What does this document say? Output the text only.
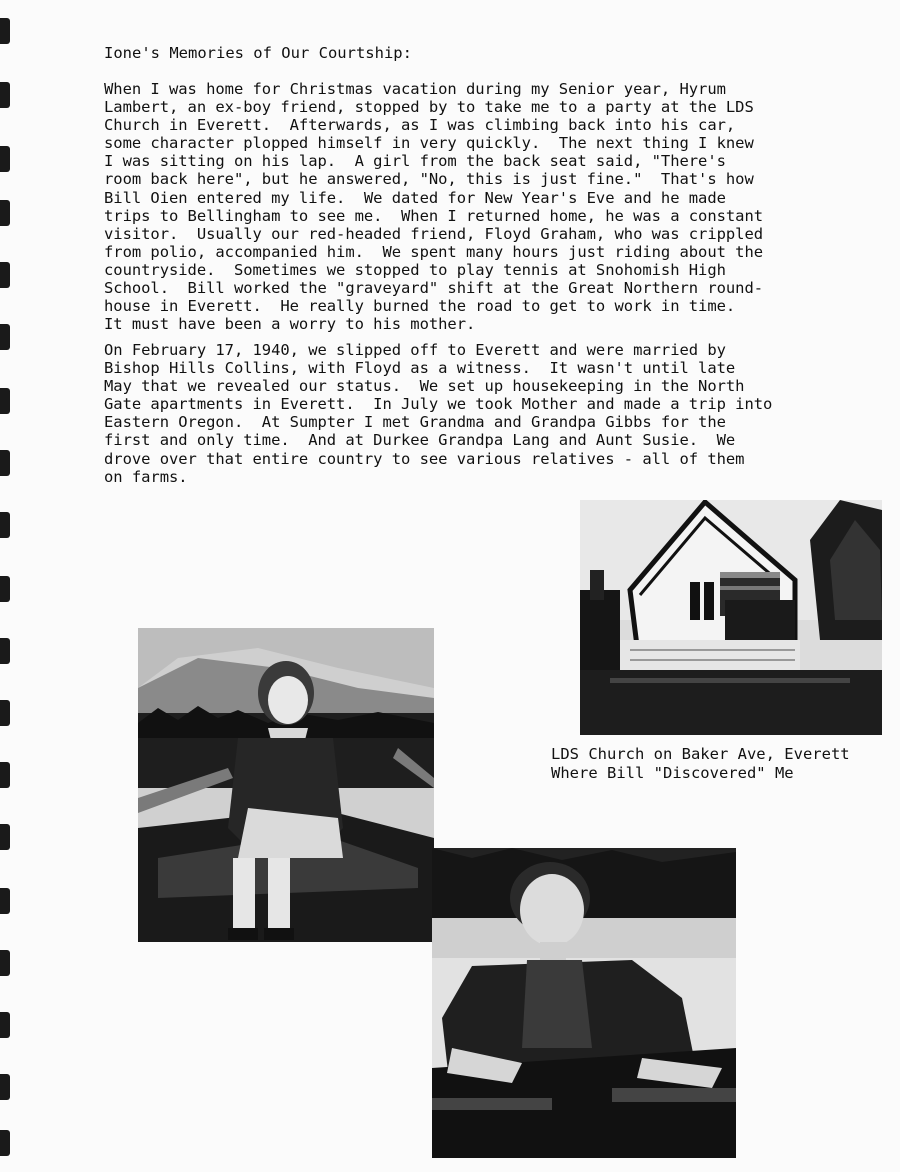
Ione's Memories of Our Courtship:

When I was home for Christmas vacation during my Senior year, Hyrum
Lambert, an ex-boy friend, stopped by to take me to a party at the LDS
Church in Everett.  Afterwards, as I was climbing back into his car,
some character plopped himself in very quickly.  The next thing I knew
I was sitting on his lap.  A girl from the back seat said, "There's
room back here", but he answered, "No, this is just fine."  That's how
Bill Oien entered my life.  We dated for New Year's Eve and he made
trips to Bellingham to see me.  When I returned home, he was a constant
visitor.  Usually our red-headed friend, Floyd Graham, who was crippled
from polio, accompanied him.  We spent many hours just riding about the
countryside.  Sometimes we stopped to play tennis at Snohomish High
School.  Bill worked the "graveyard" shift at the Great Northern round-
house in Everett.  He really burned the road to get to work in time.
It must have been a worry to his mother.

On February 17, 1940, we slipped off to Everett and were married by
Bishop Hills Collins, with Floyd as a witness.  It wasn't until late
May that we revealed our status.  We set up housekeeping in the North
Gate apartments in Everett.  In July we took Mother and made a trip into
Eastern Oregon.  At Sumpter I met Grandma and Grandpa Gibbs for the
first and only time.  And at Durkee Grandpa Lang and Aunt Susie.  We
drove over that entire country to see various relatives - all of them
on farms.

LDS Church on Baker Ave, Everett
Where Bill "Discovered" Me
